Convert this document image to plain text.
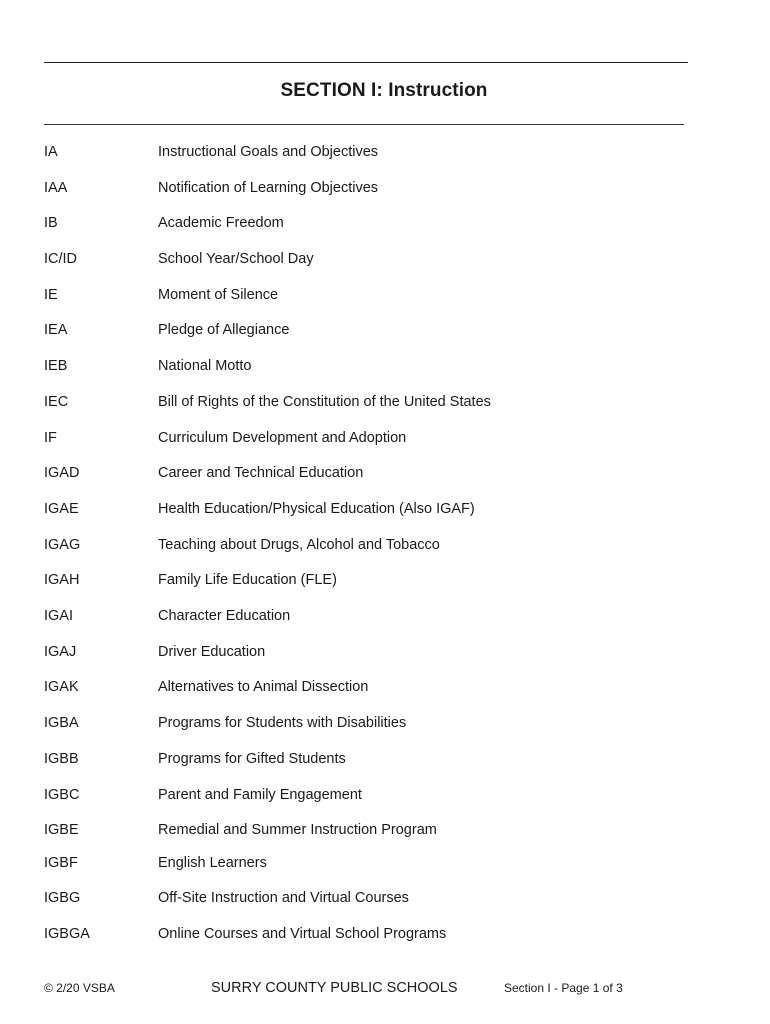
SECTION I: Instruction
IA	Instructional Goals and Objectives
IAA	Notification of Learning Objectives
IB	Academic Freedom
IC/ID	School Year/School Day
IE	Moment of Silence
IEA	Pledge of Allegiance
IEB	National Motto
IEC	Bill of Rights of the Constitution of the United States
IF	Curriculum Development and Adoption
IGAD	Career and Technical Education
IGAE	Health Education/Physical Education (Also IGAF)
IGAG	Teaching about Drugs, Alcohol and Tobacco
IGAH	Family Life Education (FLE)
IGAI	Character Education
IGAJ	Driver Education
IGAK	Alternatives to Animal Dissection
IGBA	Programs for Students with Disabilities
IGBB	Programs for Gifted Students
IGBC	Parent and Family Engagement
IGBE	Remedial and Summer Instruction Program
IGBF	English Learners
IGBG	Off-Site Instruction and Virtual Courses
IGBGA	Online Courses and Virtual School Programs
© 2/20 VSBA	SURRY COUNTY PUBLIC SCHOOLS	Section I - Page 1 of 3
